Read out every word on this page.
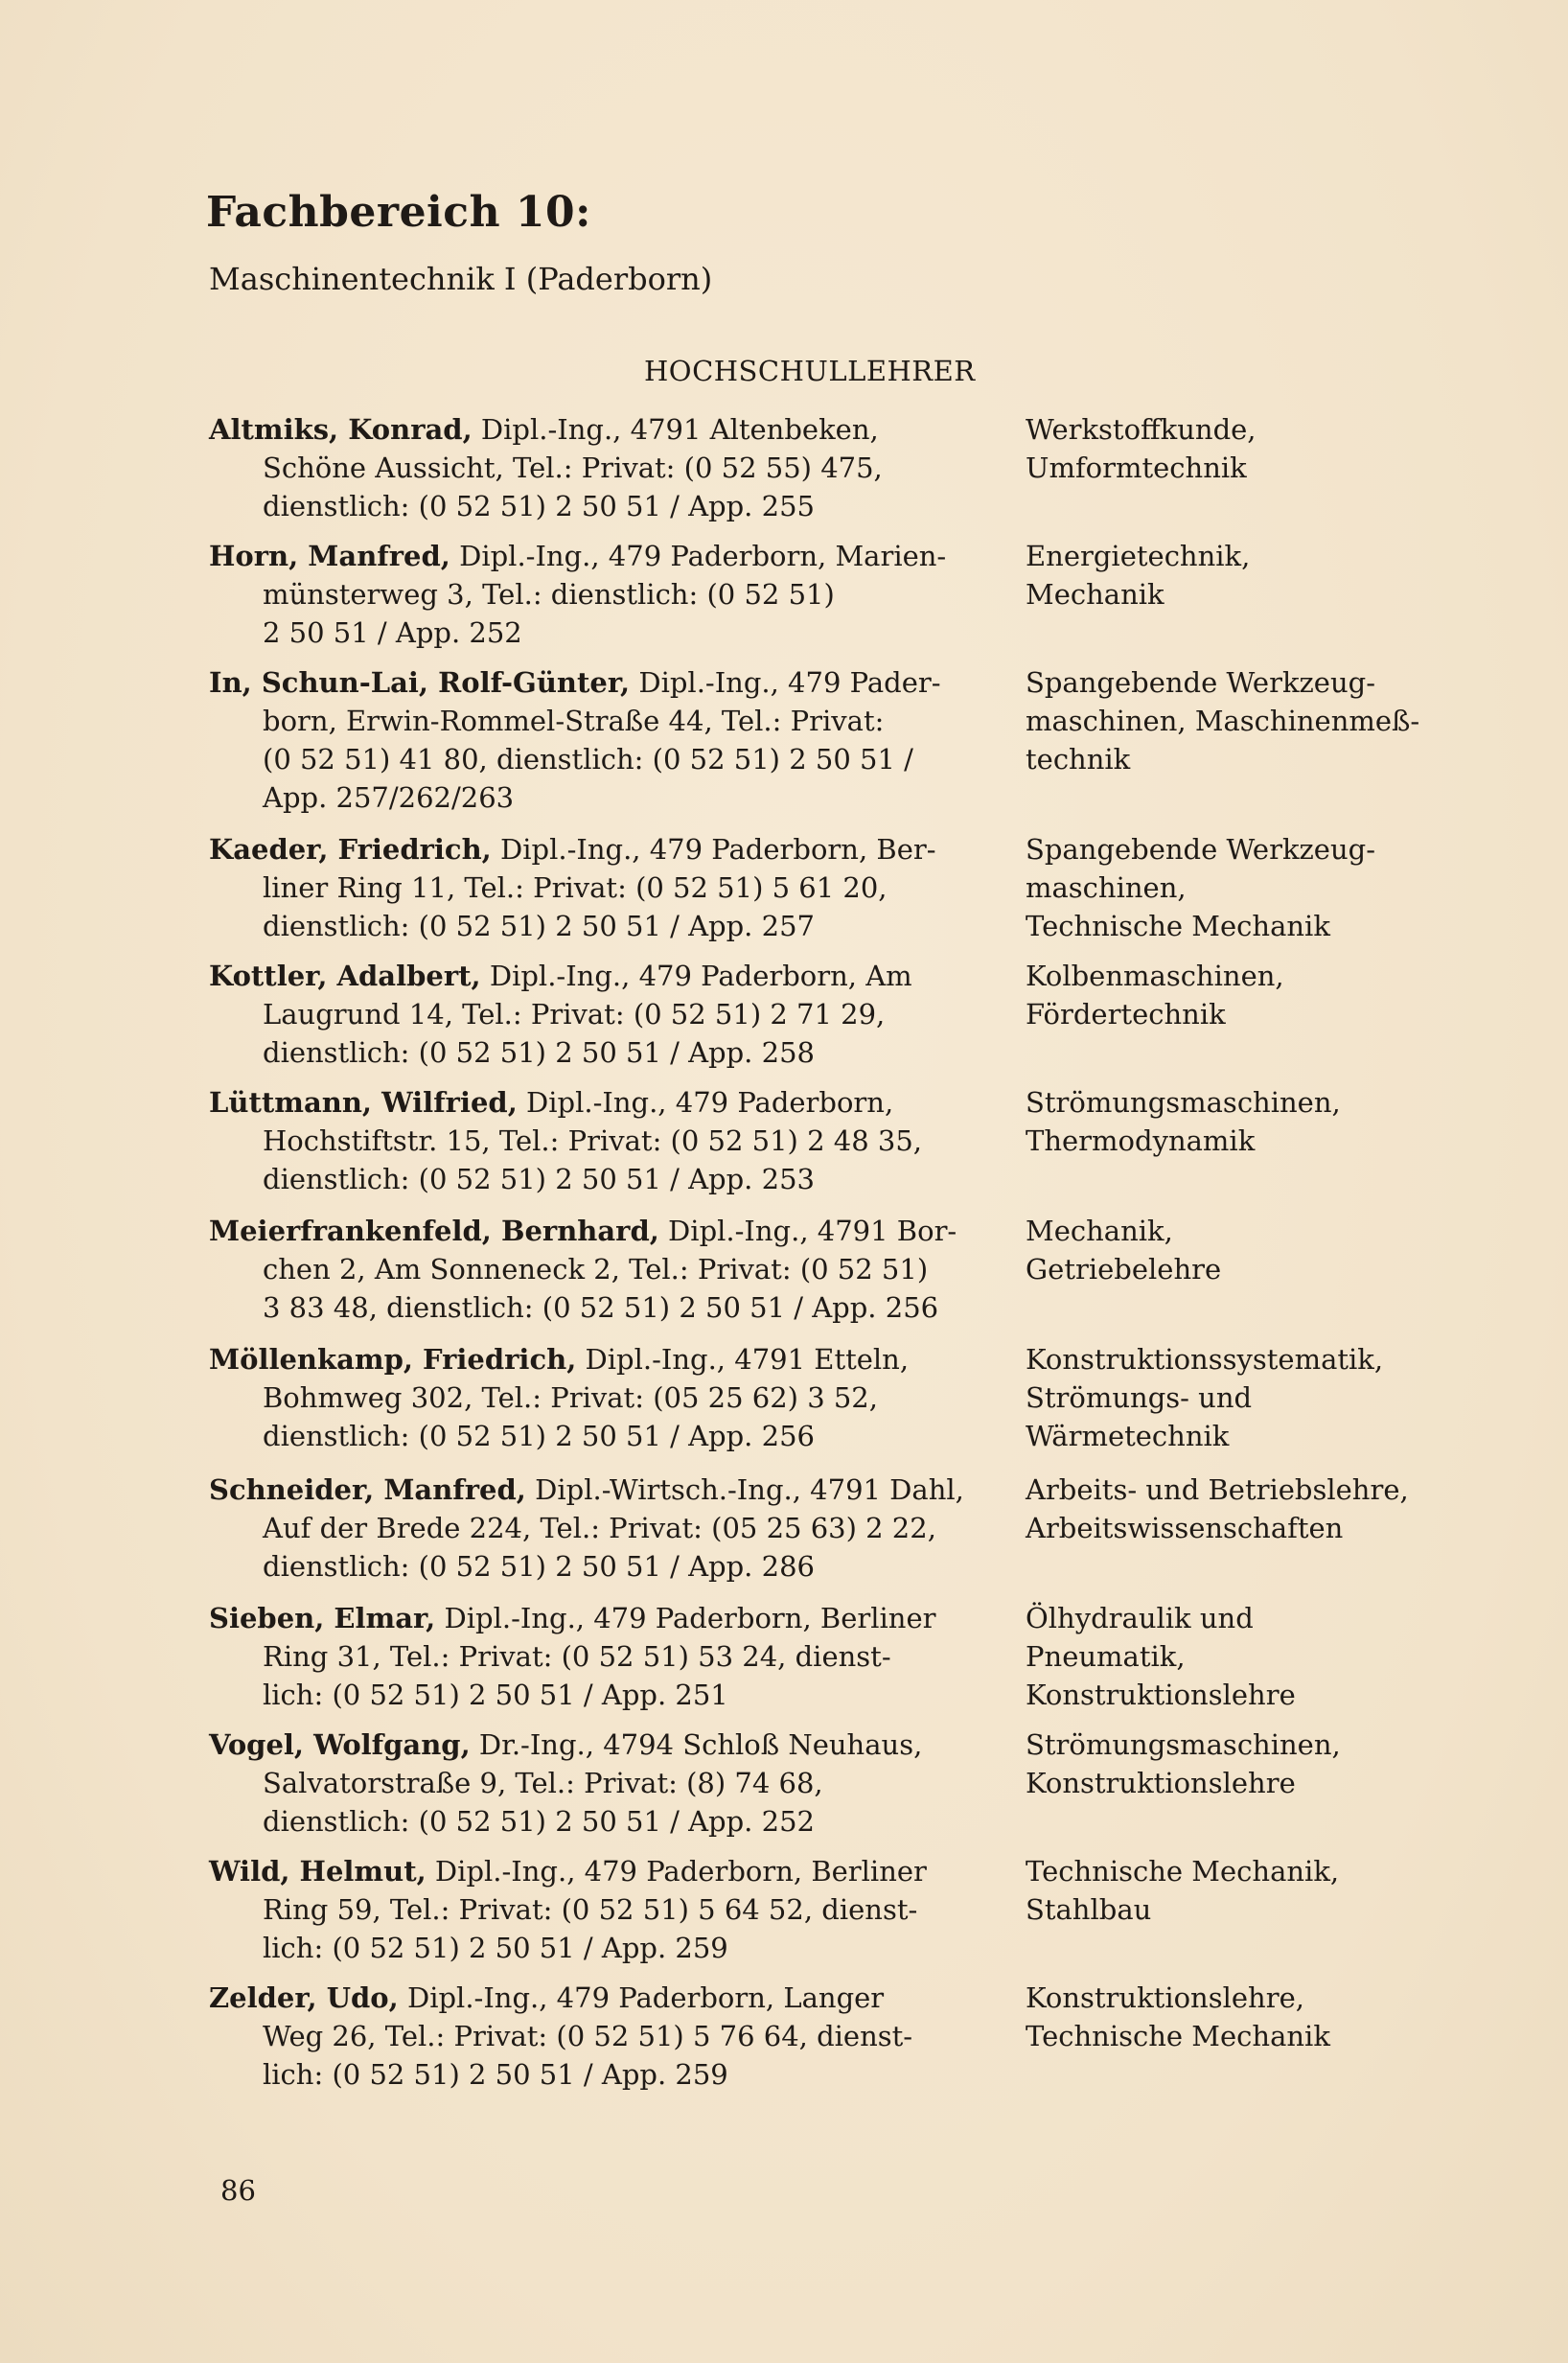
Fachbereich 10:
Maschinentechnik I (Paderborn)
HOCHSCHULLEHRER
Altmiks, Konrad, Dipl.-Ing., 4791 Altenbeken,
Schöne Aussicht, Tel.: Privat: (0 52 55) 475,
dienstlich: (0 52 51) 2 50 51 / App. 255
Werkstoffkunde,
Umformtechnik
Horn, Manfred, Dipl.-Ing., 479 Paderborn, Marien-
münsterweg 3, Tel.: dienstlich: (0 52 51)
2 50 51 / App. 252
Energietechnik,
Mechanik
In, Schun-Lai, Rolf-Günter, Dipl.-Ing., 479 Pader-
born, Erwin-Rommel-Straße 44, Tel.: Privat:
(0 52 51) 41 80, dienstlich: (0 52 51) 2 50 51 /
App. 257/262/263
Spangebende Werkzeug-
maschinen, Maschinenmeß-
technik
Kaeder, Friedrich, Dipl.-Ing., 479 Paderborn, Ber-
liner Ring 11, Tel.: Privat: (0 52 51) 5 61 20,
dienstlich: (0 52 51) 2 50 51 / App. 257
Spangebende Werkzeug-
maschinen,
Technische Mechanik
Kottler, Adalbert, Dipl.-Ing., 479 Paderborn, Am
Laugrund 14, Tel.: Privat: (0 52 51) 2 71 29,
dienstlich: (0 52 51) 2 50 51 / App. 258
Kolbenmaschinen,
Fördertechnik
Lüttmann, Wilfried, Dipl.-Ing., 479 Paderborn,
Hochstiftstr. 15, Tel.: Privat: (0 52 51) 2 48 35,
dienstlich: (0 52 51) 2 50 51 / App. 253
Strömungsmaschinen,
Thermodynamik
Meierfrankenfeld, Bernhard, Dipl.-Ing., 4791 Bor-
chen 2, Am Sonneneck 2, Tel.: Privat: (0 52 51)
3 83 48, dienstlich: (0 52 51) 2 50 51 / App. 256
Mechanik,
Getriebelehre
Möllenkamp, Friedrich, Dipl.-Ing., 4791 Etteln,
Bohmweg 302, Tel.: Privat: (05 25 62) 3 52,
dienstlich: (0 52 51) 2 50 51 / App. 256
Konstruktionssystematik,
Strömungs- und
Wärmetechnik
Schneider, Manfred, Dipl.-Wirtsch.-Ing., 4791 Dahl,
Auf der Brede 224, Tel.: Privat: (05 25 63) 2 22,
dienstlich: (0 52 51) 2 50 51 / App. 286
Arbeits- und Betriebslehre,
Arbeitswissenschaften
Sieben, Elmar, Dipl.-Ing., 479 Paderborn, Berliner
Ring 31, Tel.: Privat: (0 52 51) 53 24, dienst-
lich: (0 52 51) 2 50 51 / App. 251
Ölhydraulik und
Pneumatik,
Konstruktionslehre
Vogel, Wolfgang, Dr.-Ing., 4794 Schloß Neuhaus,
Salvatorstraße 9, Tel.: Privat: (8) 74 68,
dienstlich: (0 52 51) 2 50 51 / App. 252
Strömungsmaschinen,
Konstruktionslehre
Wild, Helmut, Dipl.-Ing., 479 Paderborn, Berliner
Ring 59, Tel.: Privat: (0 52 51) 5 64 52, dienst-
lich: (0 52 51) 2 50 51 / App. 259
Technische Mechanik,
Stahlbau
Zelder, Udo, Dipl.-Ing., 479 Paderborn, Langer
Weg 26, Tel.: Privat: (0 52 51) 5 76 64, dienst-
lich: (0 52 51) 2 50 51 / App. 259
Konstruktionslehre,
Technische Mechanik
86
